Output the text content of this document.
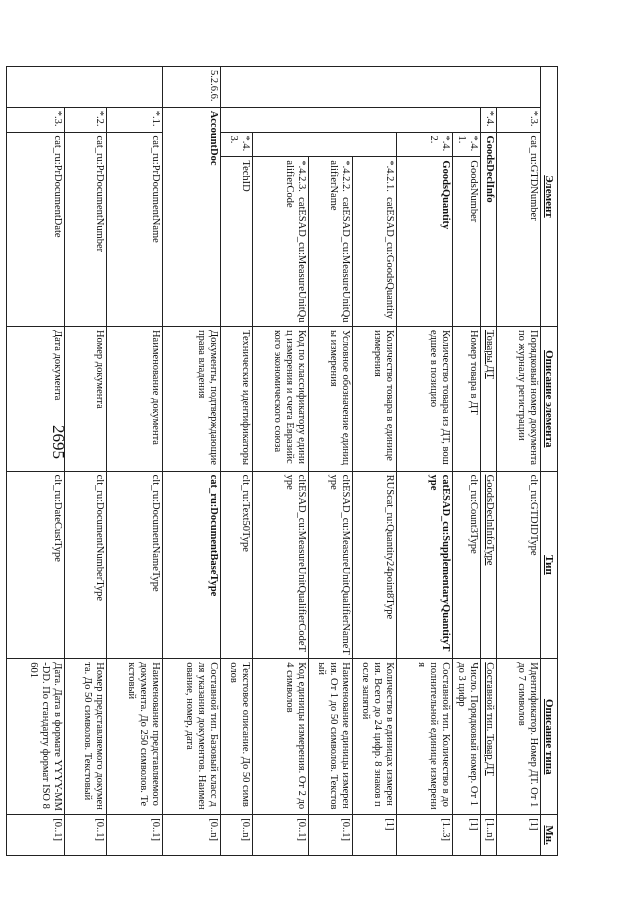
2695
Элемент				Описание элемента	Тип	Описание типа	Мн.
	*.3.	cat_ru:GTDNumber		Порядковый номер документа по журналу регистрации	clt_ru:GTDIDType	Идентификатор. Номер ДТ. От 1 до 7 символов	[1]
	*.4.	GoodsDeclInfo		Товары ДТ	GoodsDeclnInfoType	Составной тип. Товар ДТ	[1..n]
		*.4.1.	GoodsNumber	Номер товара в ДТ	clt_ru:Count3Type	Число. Порядковый номер. От 1 до 3 цифр	[1]
		*.4.2.	GoodsQuantity	Количество товара из ДТ, вошедшее в позицию	catESAD_cu:SupplementaryQuantityType	Составной тип. Количество в дополнительной единице измерения	[1..3]
			*.4.2.1.  catESAD_cu:GoodsQuantity	Количество товара в единице измерения	RUScat_ru:Quantity24point8Type	Количество в единицах измерения. Всего до 24 цифр. 8 знаков после запятой	[1]
			*.4.2.2.  catESAD_cu:MeasureUnitQualifierName	Условное обозначение единицы измерения	cltESAD_cu:MeasureUnitQualifierNameType	Наименование единицы измерения. От 1 до 50 символов. Текстовый	[0..1]
			*.4.2.3.  catESAD_cu:MeasureUnitQualifierCode	Код по классификатору единиц измерения и счета Евразийского экономического союза	cltESAD_cu:MeasureUnitQualifierCodeType	Код единицы измерения. От 2 до 4 символов	[0..1]
		*.4.3.	TechID	Технические идентификаторы	clt_ru:Text50Type	Текстовое описание. До 50 символов	[0..n]
5.2.6.6.	AccountDoc			Документы, подтверждающие права владения	cat_ru:DocumentBaseType	Составной тип. Базовый класс для указания документов. Наименование, номер, дата	[0..n]
	*.1.	cat_ru:PrDocumentName		Наименование документа	clt_ru:DocumentNameType	Наименование представляемого документа. До 250 символов. Текстовый	[0..1]
	*.2.	cat_ru:PrDocumentNumber		Номер документа	clt_ru:DocumentNumberType	Номер представляемого документа. До 50 символов. Текстовый	[0..1]
	*.3.	cat_ru:PrDocumentDate		Дата документа	clt_ru:DateCustType	Дата. Дата в формате YYYY-MM-DD. По стандарту формат ISO 8601	[0..1]
